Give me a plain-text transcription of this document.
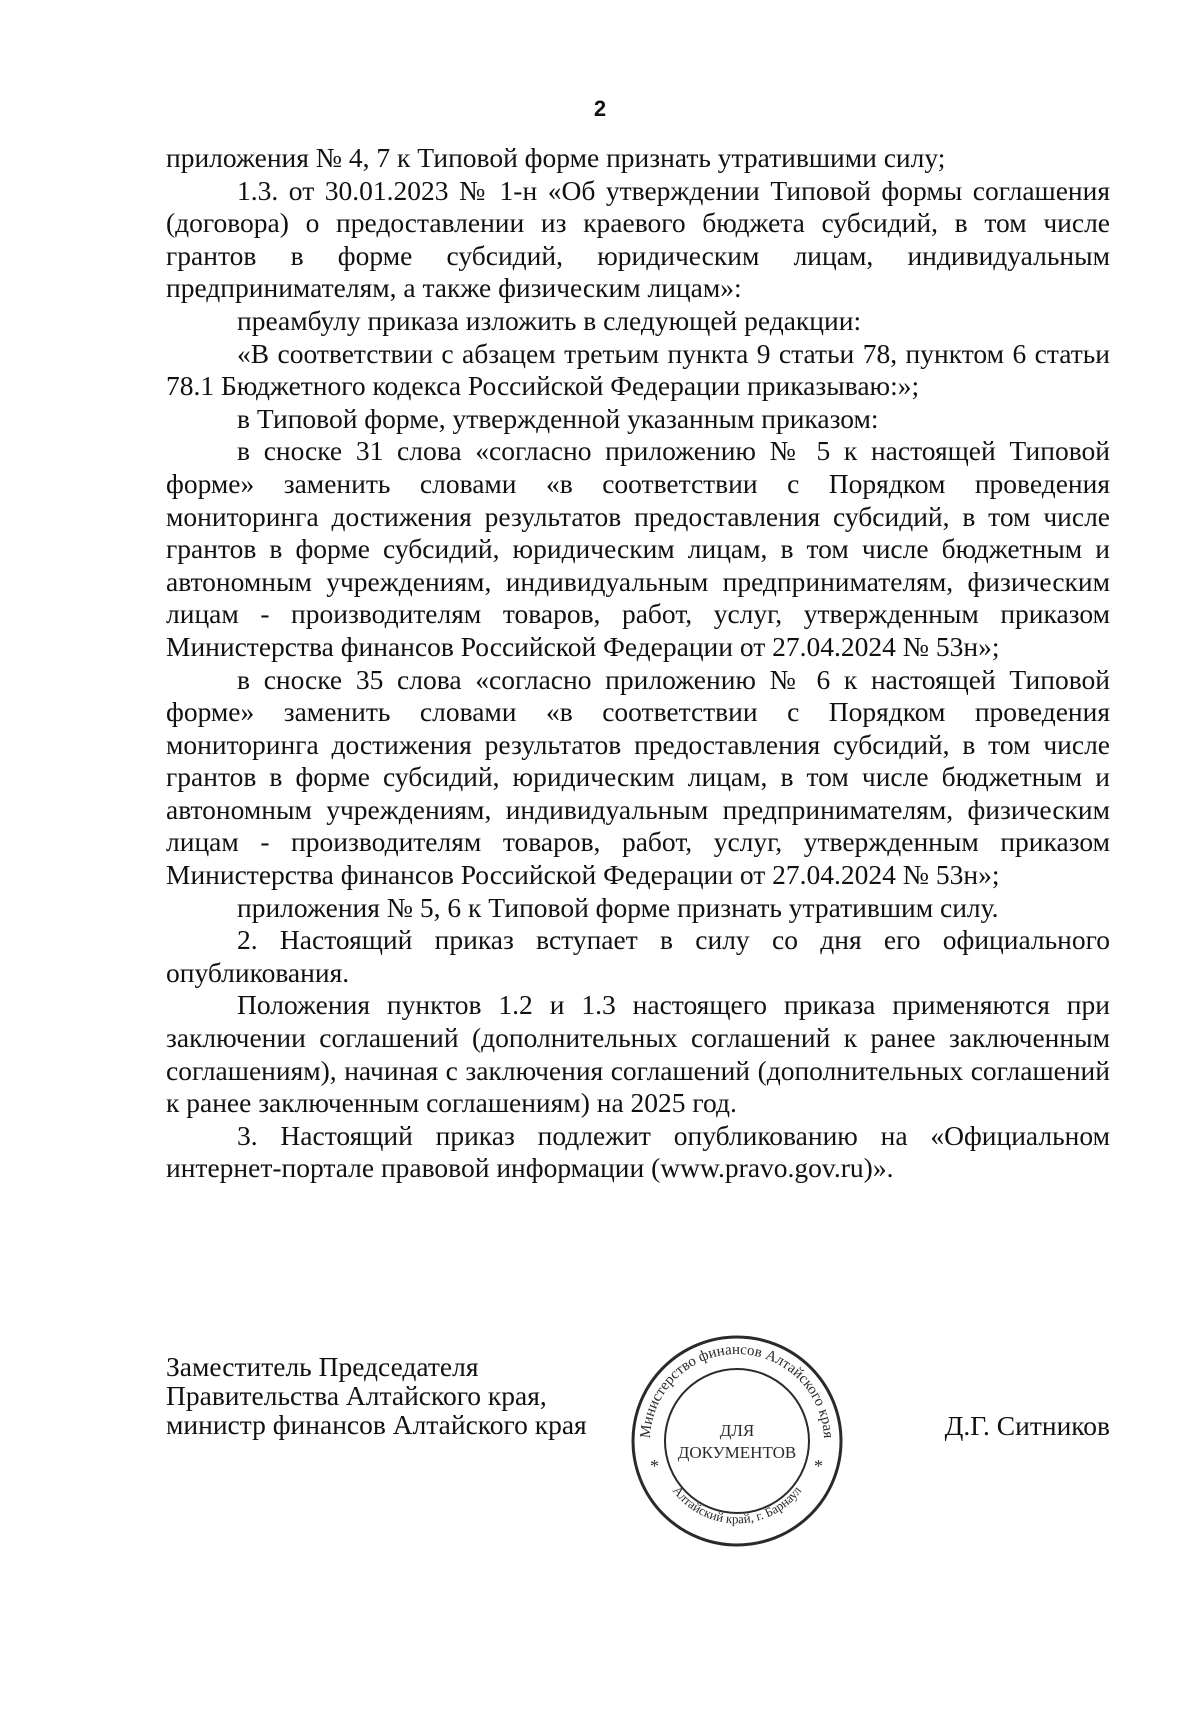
2

приложения № 4, 7 к Типовой форме признать утратившими силу;

1.3. от 30.01.2023 № 1-н «Об утверждении Типовой формы соглашения (договора) о предоставлении из краевого бюджета субсидий, в том числе грантов в форме субсидий, юридическим лицам, индивидуальным предпринимателям, а также физическим лицам»:

преамбулу приказа изложить в следующей редакции:

«В соответствии с абзацем третьим пункта 9 статьи 78, пунктом 6 статьи 78.1 Бюджетного кодекса Российской Федерации приказываю:»;

в Типовой форме, утвержденной указанным приказом:

в сноске 31 слова «согласно приложению № 5 к настоящей Типовой форме» заменить словами «в соответствии с Порядком проведения мониторинга достижения результатов предоставления субсидий, в том числе грантов в форме субсидий, юридическим лицам, в том числе бюджетным и автономным учреждениям, индивидуальным предпринимателям, физическим лицам - производителям товаров, работ, услуг, утвержденным приказом Министерства финансов Российской Федерации от 27.04.2024 № 53н»;

в сноске 35 слова «согласно приложению № 6 к настоящей Типовой форме» заменить словами «в соответствии с Порядком проведения мониторинга достижения результатов предоставления субсидий, в том числе грантов в форме субсидий, юридическим лицам, в том числе бюджетным и автономным учреждениям, индивидуальным предпринимателям, физическим лицам - производителям товаров, работ, услуг, утвержденным приказом Министерства финансов Российской Федерации от 27.04.2024 № 53н»;

приложения № 5, 6 к Типовой форме признать утратившим силу.

2. Настоящий приказ вступает в силу со дня его официального опубликования.

Положения пунктов 1.2 и 1.3 настоящего приказа применяются при заключении соглашений (дополнительных соглашений к ранее заключенным соглашениям), начиная с заключения соглашений (дополнительных соглашений к ранее заключенным соглашениям) на 2025 год.

3. Настоящий приказ подлежит опубликованию на «Официальном интернет-портале правовой информации (www.pravo.gov.ru)».

Заместитель Председателя
Правительства Алтайского края,
министр финансов Алтайского края	Министерство финансов Алтайского края
Алтайский край, г. Барнаул
*	*
ДЛЯ
ДОКУМЕНТОВ
Д.Г. Ситников
